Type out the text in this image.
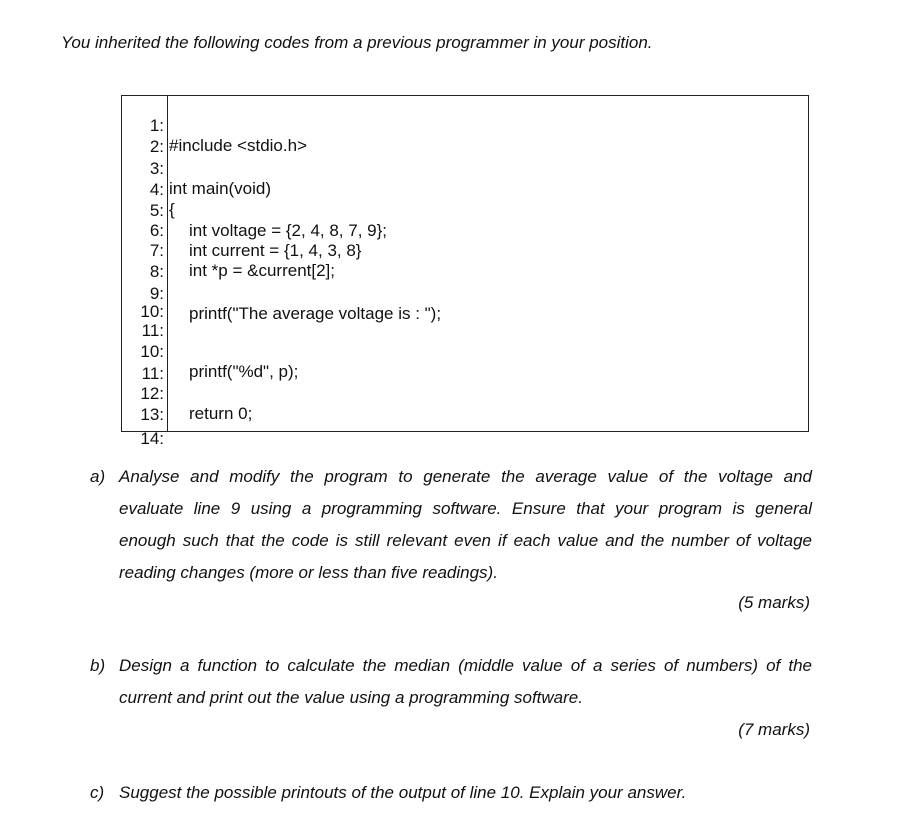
You inherited the following codes from a previous programmer in your position.

1:

#include <stdio.h>

2:

3:

int main(void)

4:

{

5:

int voltage = {2, 4, 8, 7, 9};

6:

int current = {1, 4, 3, 8}

7:

int *p = &current[2];

8:

9:

printf("The average voltage is : ");

10:

11:

10:

printf("%d", p);

11:

12:

return 0;

13:

14:

a) Analyse and modify the program to generate the average value of the voltage and
evaluate line 9 using a programming software. Ensure that your program is general
enough such that the code is still relevant even if each value and the number of voltage
reading changes (more or less than five readings).
(5 marks)
b) Design a function to calculate the median (middle value of a series of numbers) of the
current and print out the value using a programming software.
(7 marks)
c) Suggest the possible printouts of the output of line 10. Explain your answer.
